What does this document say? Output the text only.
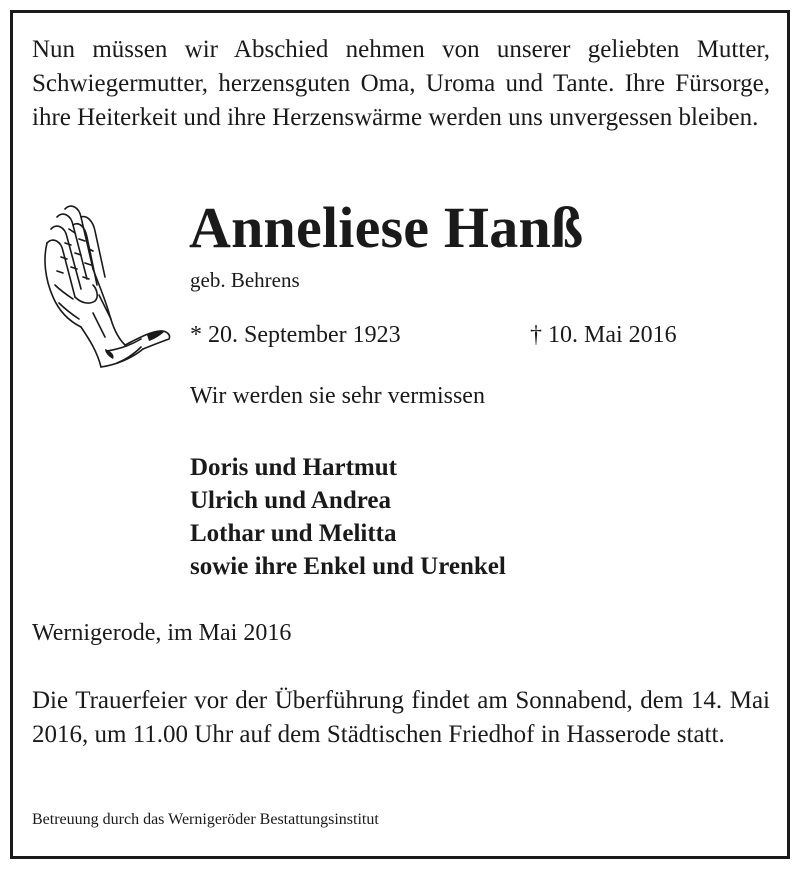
Nun müssen wir Abschied nehmen von unserer geliebten Mutter, Schwiegermutter, herzensguten Oma, Uroma und Tante. Ihre Fürsorge, ihre Heiterkeit und ihre Herzenswärme werden uns unvergessen bleiben.

Anneliese Hanß
geb. Behrens
* 20. September 1923	† 10. Mai 2016
Wir werden sie sehr vermissen
Doris und Hartmut
Ulrich und Andrea
Lothar und Melitta
sowie ihre Enkel und Urenkel
Wernigerode, im Mai 2016

Die Trauerfeier vor der Überführung findet am Sonnabend, dem 14. Mai 2016, um 11.00 Uhr auf dem Städtischen Friedhof in Hasserode statt.

Betreuung durch das Wernigeröder Bestattungsinstitut
